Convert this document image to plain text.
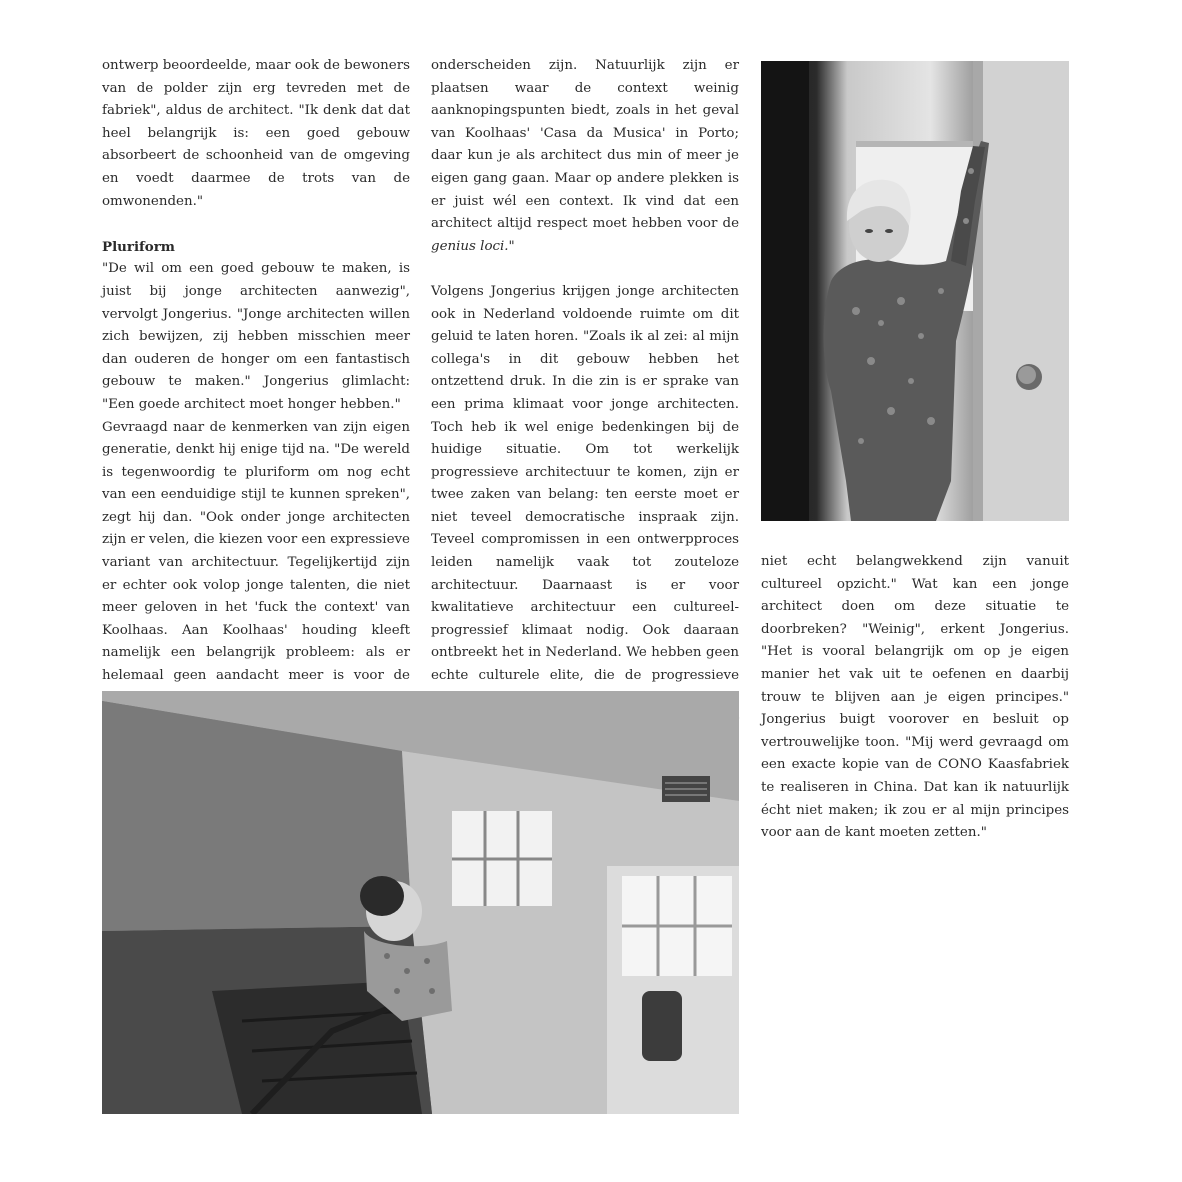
ontwerp beoordeelde, maar ook de bewoners van de polder zijn erg tevreden met de fabriek", aldus de architect. "Ik denk dat dat heel belangrijk is: een goed gebouw absorbeert de schoonheid van de omgeving en voedt daarmee de trots van de omwonenden."

Pluriform

"De wil om een goed gebouw te maken, is juist bij jonge architecten aanwezig", vervolgt Jongerius. "Jonge architecten willen zich bewijzen, zij hebben misschien meer dan ouderen de honger om een fantastisch gebouw te maken." Jongerius glimlacht: "Een goede architect moet honger hebben."

Gevraagd naar de kenmerken van zijn eigen generatie, denkt hij enige tijd na. "De wereld is tegenwoordig te pluriform om nog echt van een eenduidige stijl te kunnen spreken", zegt hij dan. "Ook onder jonge architecten zijn er velen, die kiezen voor een expressieve variant van architectuur. Tegelijkertijd zijn er echter ook volop jonge talenten, die niet meer geloven in het 'fuck the context' van Koolhaas. Aan Koolhaas' houding kleeft namelijk een belangrijk probleem: als er helemaal geen aandacht meer is voor de

onderscheiden zijn. Natuurlijk zijn er plaatsen waar de context weinig aanknopingspunten biedt, zoals in het geval van Koolhaas' 'Casa da Musica' in Porto; daar kun je als architect dus min of meer je eigen gang gaan. Maar op andere plekken is er juist wél een context. Ik vind dat een architect altijd respect moet hebben voor de genius loci."

Volgens Jongerius krijgen jonge architecten ook in Nederland voldoende ruimte om dit geluid te laten horen. "Zoals ik al zei: al mijn collega's in dit gebouw hebben het ontzettend druk. In die zin is er sprake van een prima klimaat voor jonge architecten. Toch heb ik wel enige bedenkingen bij de huidige situatie. Om tot werkelijk progressieve architectuur te komen, zijn er twee zaken van belang: ten eerste moet er niet teveel democratische inspraak zijn. Teveel compromissen in een ontwerpproces leiden namelijk vaak tot zouteloze architectuur. Daarnaast is er voor kwalitatieve architectuur een cultureel-progressief klimaat nodig. Ook daaraan ontbreekt het in Nederland. We hebben geen echte culturele elite, die de progressieve

niet echt belangwekkend zijn vanuit cultureel opzicht." Wat kan een jonge architect doen om deze situatie te doorbreken? "Weinig", erkent Jongerius. "Het is vooral belangrijk om op je eigen manier het vak uit te oefenen en daarbij trouw te blijven aan je eigen principes." Jongerius buigt voorover en besluit op vertrouwelijke toon. "Mij werd gevraagd om een exacte kopie van de CONO Kaasfabriek te realiseren in China. Dat kan ik natuurlijk écht niet maken; ik zou er al mijn principes voor aan de kant moeten zetten."
